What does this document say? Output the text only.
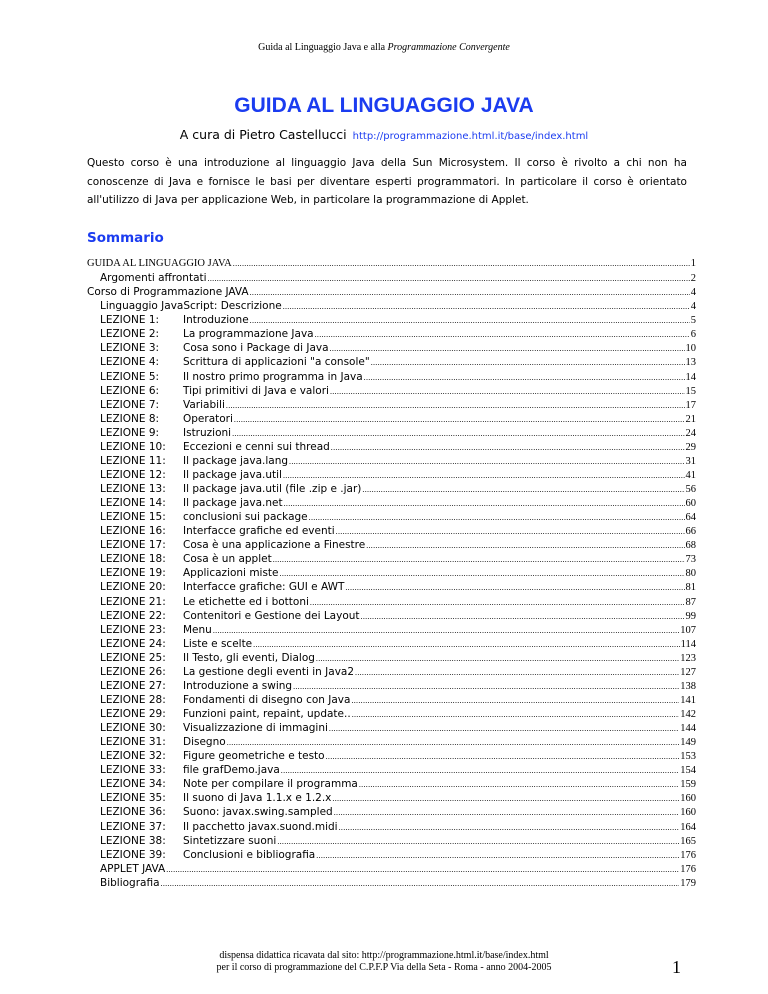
Guida al Linguaggio Java e alla Programmazione Convergente
GUIDA AL LINGUAGGIO JAVA
A cura di Pietro Castellucci http://programmazione.html.it/base/index.html
Questo corso è una introduzione al linguaggio Java della Sun Microsystem. Il corso è rivolto a chi non ha conoscenze di Java e fornisce le basi per diventare esperti programmatori. In particolare il corso è orientato all'utilizzo di Java per applicazione Web, in particolare la programmazione di Applet.
Sommario
GUIDA AL LINGUAGGIO JAVA .....	1
Argomenti affrontati .....	2
Corso di Programmazione JAVA .....	4
Linguaggio JavaScript: Descrizione .....	4
LEZIONE 1: Introduzione .....	5
LEZIONE 2: La programmazione Java .....	6
LEZIONE 3: Cosa sono i Package di Java .....	10
LEZIONE 4: Scrittura di applicazioni "a console" .....	13
LEZIONE 5: Il nostro primo programma in Java .....	14
LEZIONE 6: Tipi primitivi di Java e valori .....	15
LEZIONE 7: Variabili .....	17
LEZIONE 8: Operatori .....	21
LEZIONE 9: Istruzioni .....	24
LEZIONE 10: Eccezioni e cenni sui thread .....	29
LEZIONE 11: Il package java.lang .....	31
LEZIONE 12: Il package java.util .....	41
LEZIONE 13: Il package java.util (file .zip e .jar) .....	56
LEZIONE 14: Il package java.net .....	60
LEZIONE 15: conclusioni sui package .....	64
LEZIONE 16: Interfacce grafiche ed eventi .....	66
LEZIONE 17: Cosa è una applicazione a Finestre .....	68
LEZIONE 18: Cosa è un applet .....	73
LEZIONE 19: Applicazioni miste .....	80
LEZIONE 20: Interfacce grafiche: GUI e AWT .....	81
LEZIONE 21: Le etichette ed i bottoni .....	87
LEZIONE 22: Contenitori e Gestione dei Layout .....	99
LEZIONE 23: Menu .....	107
LEZIONE 24: Liste e scelte .....	114
LEZIONE 25: Il Testo, gli eventi, Dialog .....	123
LEZIONE 26: La gestione degli eventi in Java2 .....	127
LEZIONE 27: Introduzione a swing .....	138
LEZIONE 28: Fondamenti di disegno con Java .....	141
LEZIONE 29: Funzioni paint, repaint, update.. .....	142
LEZIONE 30: Visualizzazione di immagini .....	144
LEZIONE 31: Disegno .....	149
LEZIONE 32: Figure geometriche e testo .....	153
LEZIONE 33: file grafDemo.java .....	154
LEZIONE 34: Note per compilare il programma .....	159
LEZIONE 35: Il suono di Java 1.1.x e 1.2.x .....	160
LEZIONE 36: Suono: javax.swing.sampled .....	160
LEZIONE 37: Il pacchetto javax.suond.midi .....	164
LEZIONE 38: Sintetizzare suoni .....	165
LEZIONE 39: Conclusioni e bibliografia .....	176
APPLET JAVA .....	176
Bibliografia .....	179
dispensa didattica ricavata dal sito: http://programmazione.html.it/base/index.html
per il corso di programmazione del C.P.F.P Via della Seta - Roma - anno 2004-2005	1
